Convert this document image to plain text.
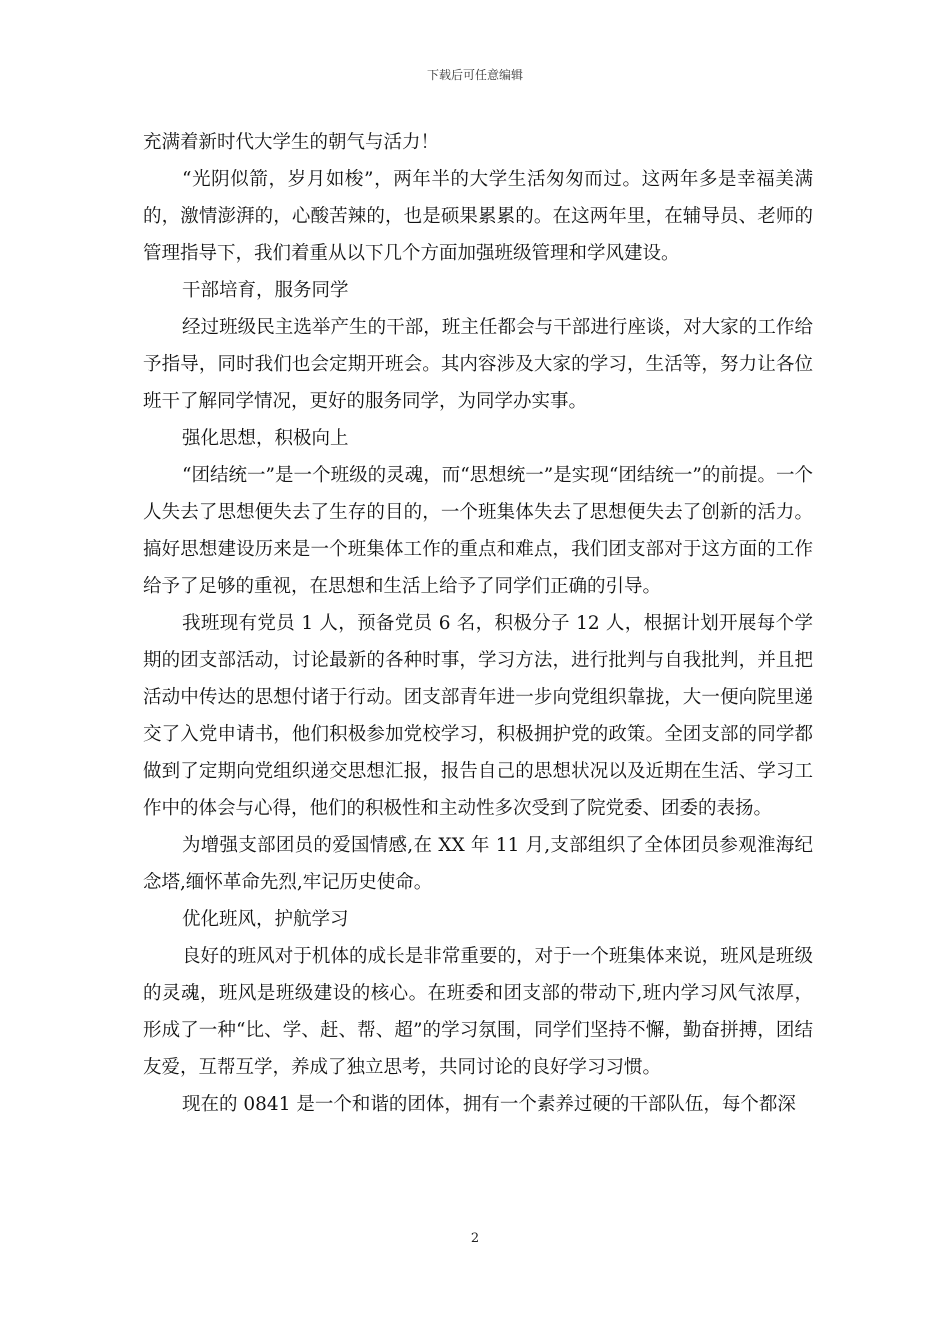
下载后可任意编辑

充满着新时代大学生的朝气与活力！

“光阴似箭，岁月如梭”，两年半的大学生活匆匆而过。这两年多是幸福美满的，激情澎湃的，心酸苦辣的，也是硕果累累的。在这两年里，在辅导员、老师的管理指导下，我们着重从以下几个方面加强班级管理和学风建设。

干部培育，服务同学

经过班级民主选举产生的干部，班主任都会与干部进行座谈，对大家的工作给予指导，同时我们也会定期开班会。其内容涉及大家的学习，生活等，努力让各位班干了解同学情况，更好的服务同学，为同学办实事。

强化思想，积极向上

“团结统一”是一个班级的灵魂，而“思想统一”是实现“团结统一”的前提。一个人失去了思想便失去了生存的目的，一个班集体失去了思想便失去了创新的活力。搞好思想建设历来是一个班集体工作的重点和难点，我们团支部对于这方面的工作给予了足够的重视，在思想和生活上给予了同学们正确的引导。

我班现有党员 1 人，预备党员 6 名，积极分子 12 人，根据计划开展每个学期的团支部活动，讨论最新的各种时事，学习方法，进行批判与自我批判，并且把活动中传达的思想付诸于行动。团支部青年进一步向党组织靠拢，大一便向院里递交了入党申请书，他们积极参加党校学习，积极拥护党的政策。全团支部的同学都做到了定期向党组织递交思想汇报，报告自己的思想状况以及近期在生活、学习工作中的体会与心得，他们的积极性和主动性多次受到了院党委、团委的表扬。

为增强支部团员的爱国情感,在 XX 年 11 月,支部组织了全体团员参观淮海纪念塔,缅怀革命先烈,牢记历史使命。

优化班风，护航学习

良好的班风对于机体的成长是非常重要的，对于一个班集体来说，班风是班级的灵魂，班风是班级建设的核心。在班委和团支部的带动下,班内学习风气浓厚，形成了一种“比、学、赶、帮、超”的学习氛围，同学们坚持不懈，勤奋拼搏，团结友爱，互帮互学，养成了独立思考，共同讨论的良好学习习惯。

现在的 0841 是一个和谐的团体，拥有一个素养过硬的干部队伍，每个都深

2
